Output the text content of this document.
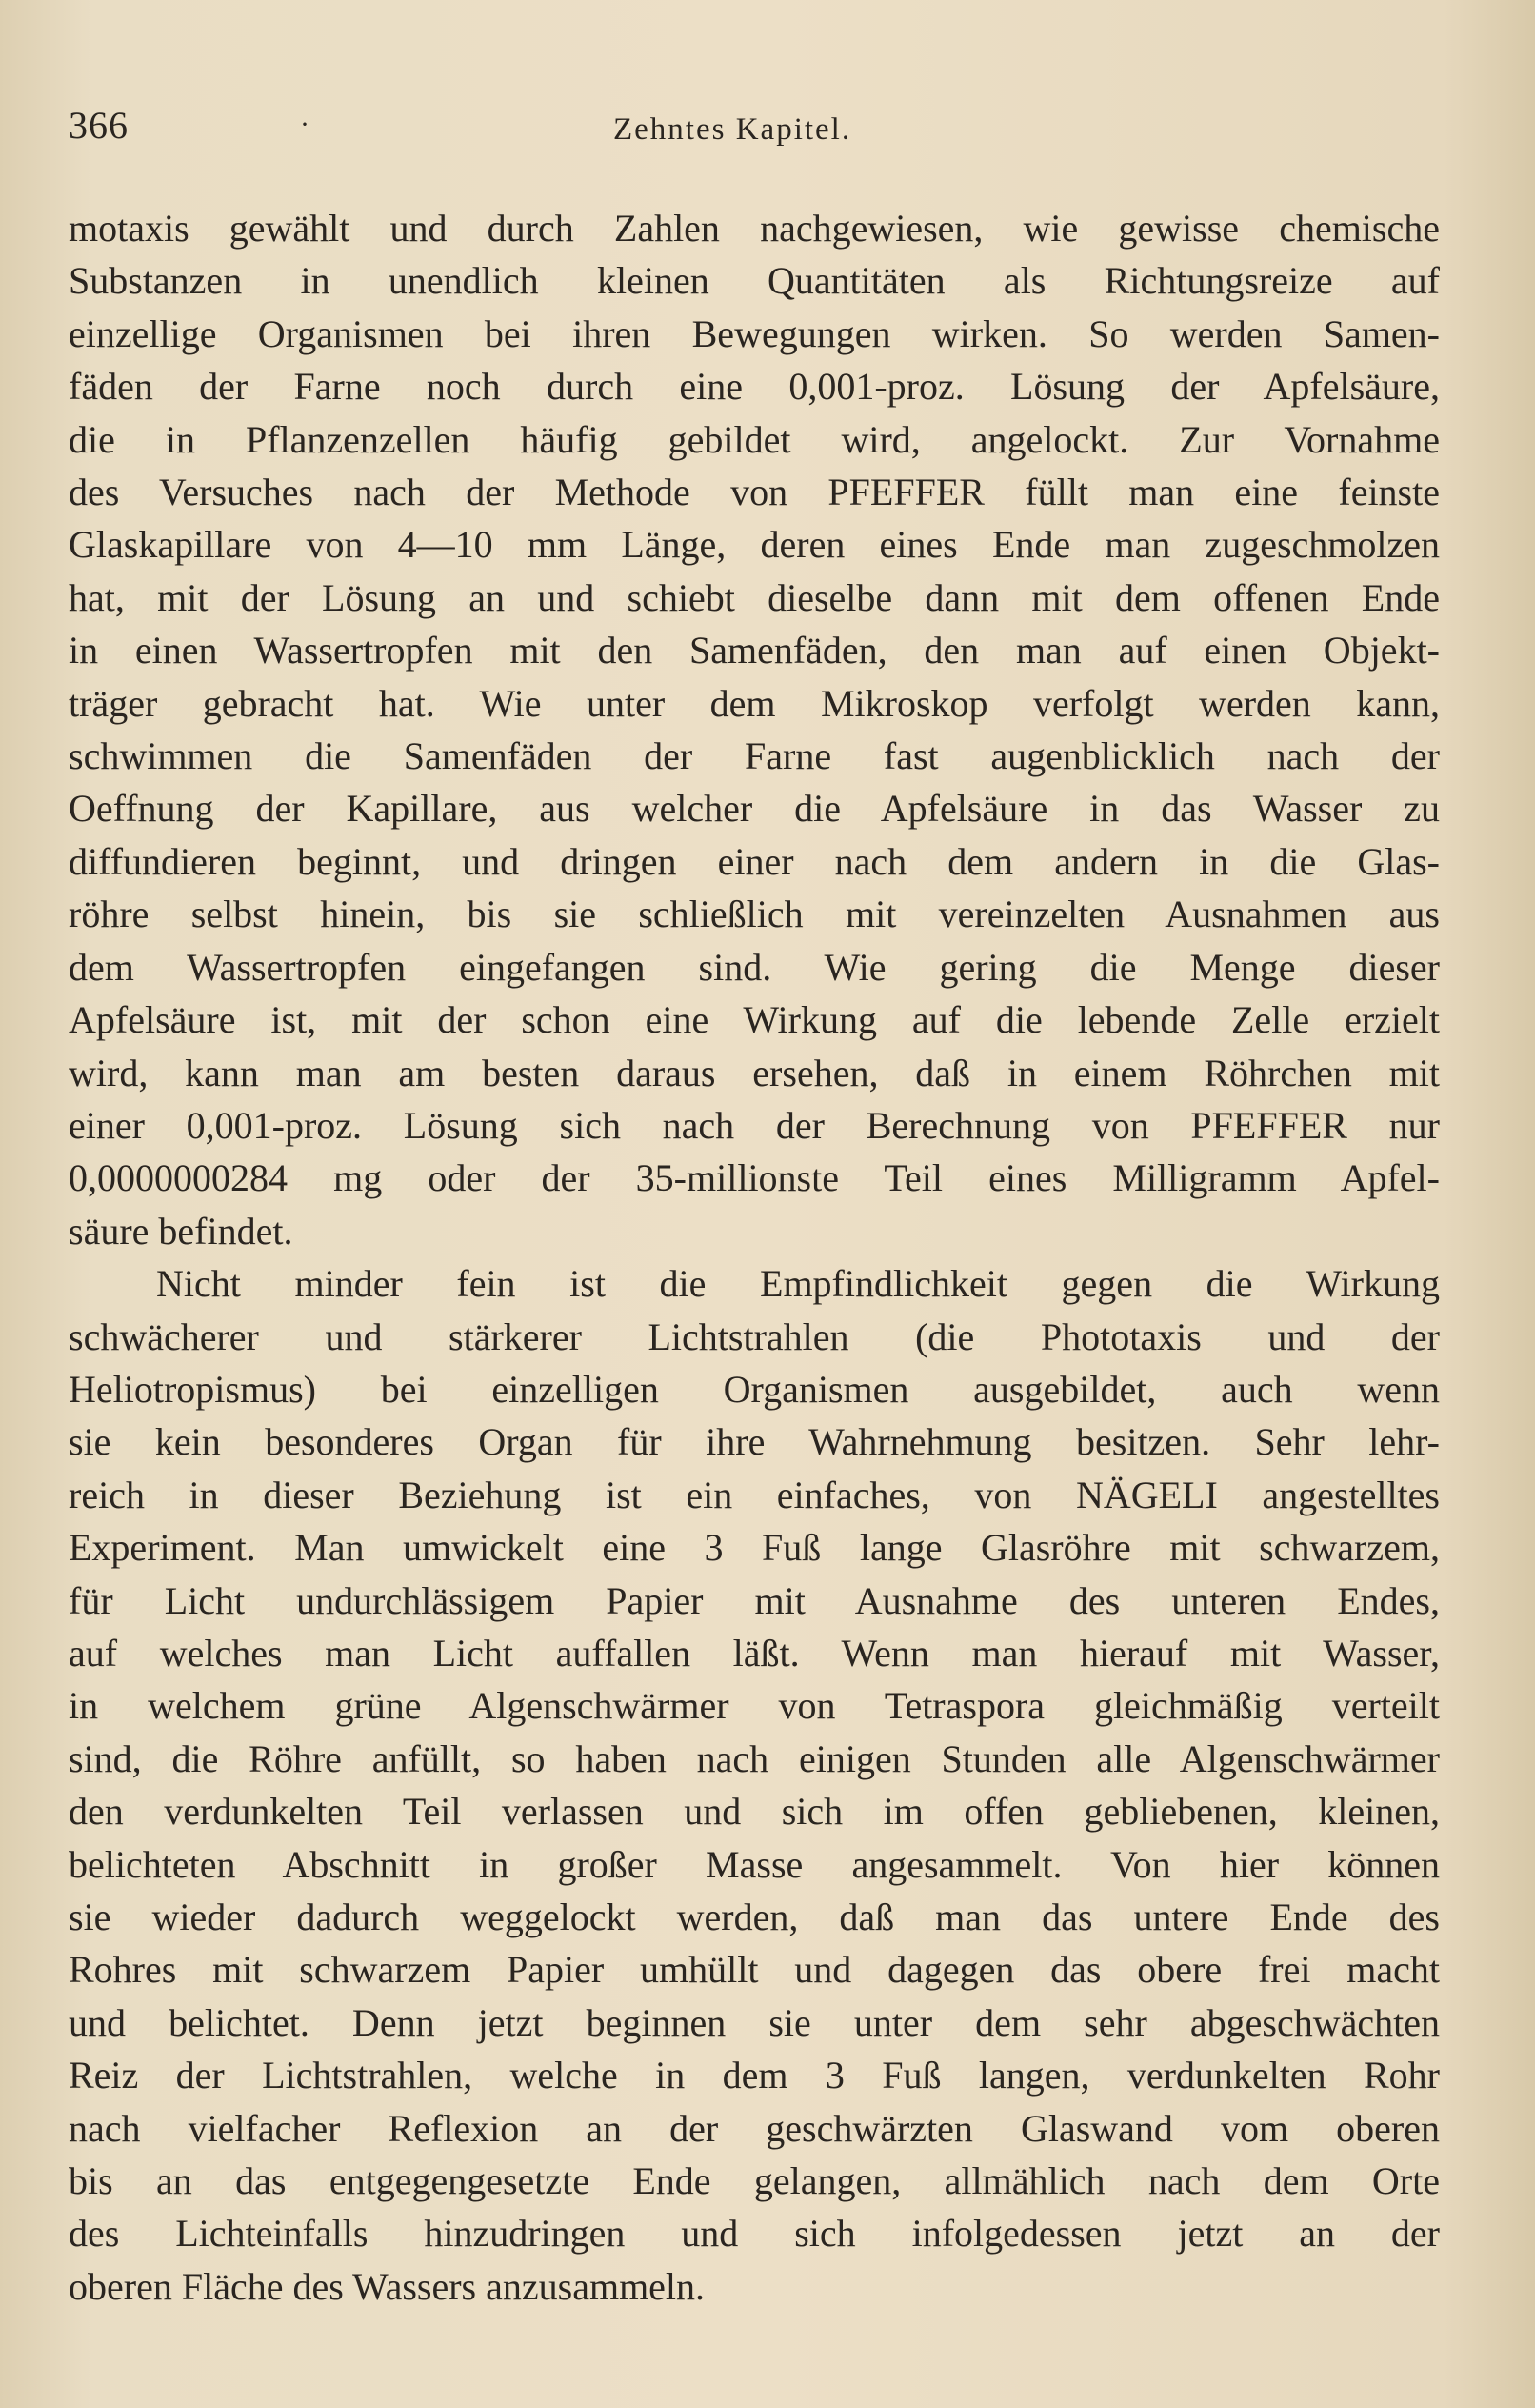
366	·	Zehntes Kapitel.
motaxis gewählt und durch Zahlen nachgewiesen, wie gewisse chemische
Substanzen in unendlich kleinen Quantitäten als Richtungsreize auf
einzellige Organismen bei ihren Bewegungen wirken. So werden Samen-
fäden der Farne noch durch eine 0,001-proz. Lösung der Apfelsäure,
die in Pflanzenzellen häufig gebildet wird, angelockt. Zur Vornahme
des Versuches nach der Methode von PFEFFER füllt man eine feinste
Glaskapillare von 4—10 mm Länge, deren eines Ende man zugeschmolzen
hat, mit der Lösung an und schiebt dieselbe dann mit dem offenen Ende
in einen Wassertropfen mit den Samenfäden, den man auf einen Objekt-
träger gebracht hat. Wie unter dem Mikroskop verfolgt werden kann,
schwimmen die Samenfäden der Farne fast augenblicklich nach der
Oeffnung der Kapillare, aus welcher die Apfelsäure in das Wasser zu
diffundieren beginnt, und dringen einer nach dem andern in die Glas-
röhre selbst hinein, bis sie schließlich mit vereinzelten Ausnahmen aus
dem Wassertropfen eingefangen sind. Wie gering die Menge dieser
Apfelsäure ist, mit der schon eine Wirkung auf die lebende Zelle erzielt
wird, kann man am besten daraus ersehen, daß in einem Röhrchen mit
einer 0,001-proz. Lösung sich nach der Berechnung von PFEFFER nur
0,0000000284 mg oder der 35-millionste Teil eines Milligramm Apfel-
säure befindet.
Nicht minder fein ist die Empfindlichkeit gegen die Wirkung
schwächerer und stärkerer Lichtstrahlen (die Phototaxis und der
Heliotropismus) bei einzelligen Organismen ausgebildet, auch wenn
sie kein besonderes Organ für ihre Wahrnehmung besitzen. Sehr lehr-
reich in dieser Beziehung ist ein einfaches, von NÄGELI angestelltes
Experiment. Man umwickelt eine 3 Fuß lange Glasröhre mit schwarzem,
für Licht undurchlässigem Papier mit Ausnahme des unteren Endes,
auf welches man Licht auffallen läßt. Wenn man hierauf mit Wasser,
in welchem grüne Algenschwärmer von Tetraspora gleichmäßig verteilt
sind, die Röhre anfüllt, so haben nach einigen Stunden alle Algenschwärmer
den verdunkelten Teil verlassen und sich im offen gebliebenen, kleinen,
belichteten Abschnitt in großer Masse angesammelt. Von hier können
sie wieder dadurch weggelockt werden, daß man das untere Ende des
Rohres mit schwarzem Papier umhüllt und dagegen das obere frei macht
und belichtet. Denn jetzt beginnen sie unter dem sehr abgeschwächten
Reiz der Lichtstrahlen, welche in dem 3 Fuß langen, verdunkelten Rohr
nach vielfacher Reflexion an der geschwärzten Glaswand vom oberen
bis an das entgegengesetzte Ende gelangen, allmählich nach dem Orte
des Lichteinfalls hinzudringen und sich infolgedessen jetzt an der
oberen Fläche des Wassers anzusammeln.
